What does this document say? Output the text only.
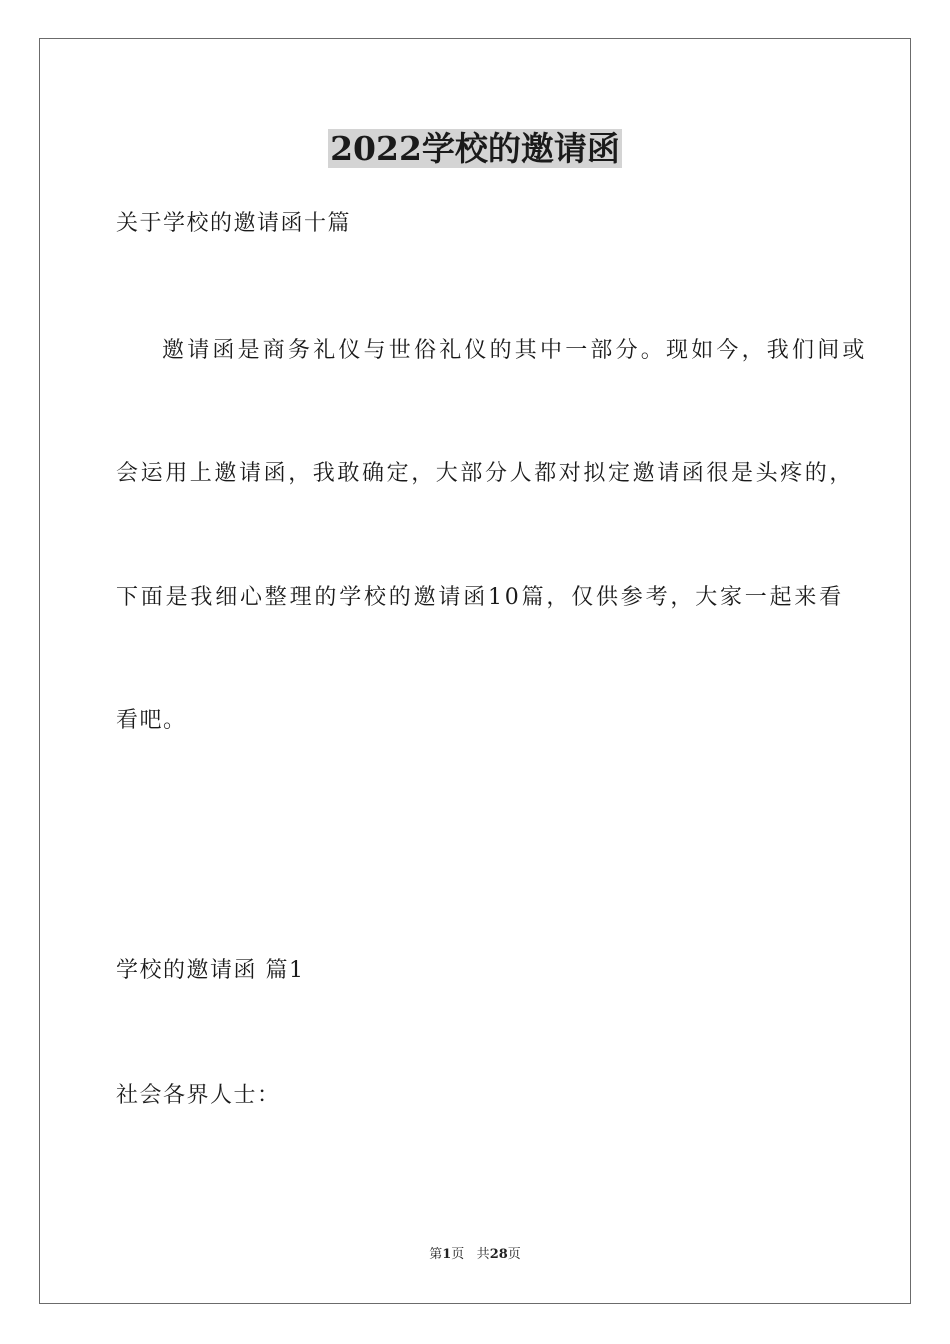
2022学校的邀请函
关于学校的邀请函十篇
邀请函是商务礼仪与世俗礼仪的其中一部分。现如今，我们间或
会运用上邀请函，我敢确定，大部分人都对拟定邀请函很是头疼的，
下面是我细心整理的学校的邀请函10篇，仅供参考，大家一起来看
看吧。
学校的邀请函 篇1
社会各界人士：
第1页 共28页
